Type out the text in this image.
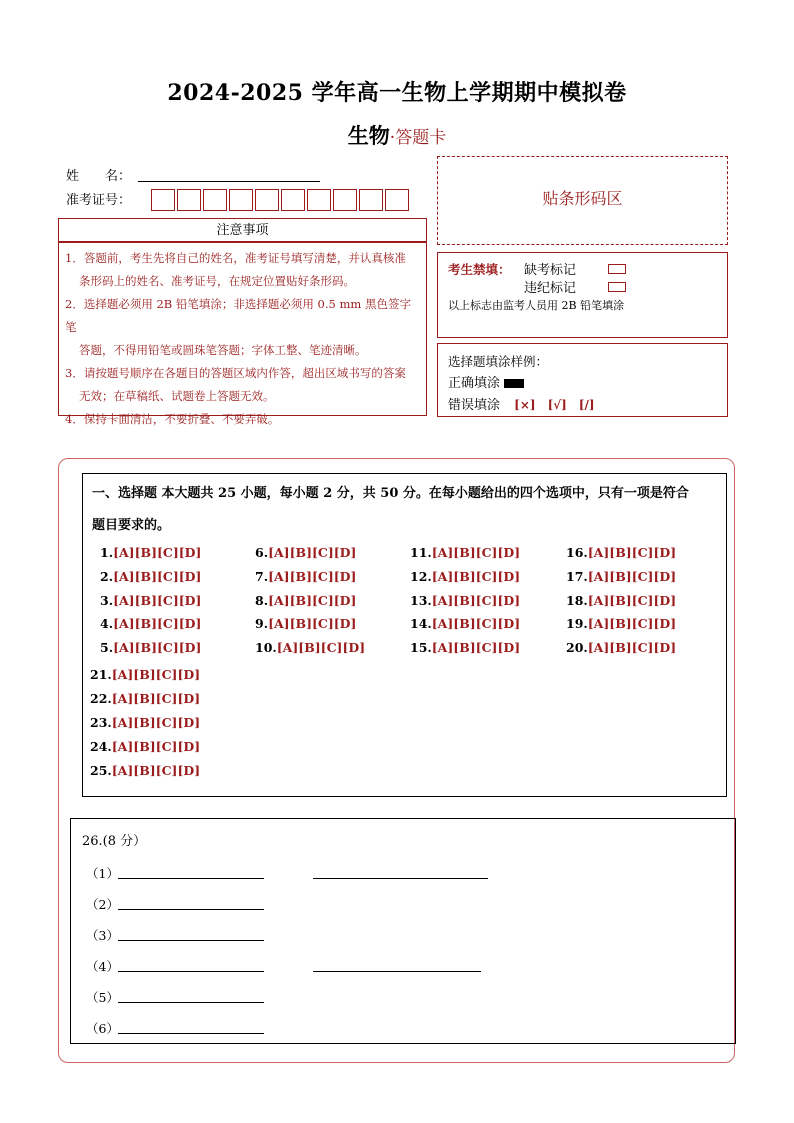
2024-2025 学年高一生物上学期期中模拟卷
生物·答题卡
姓　　名：
准考证号：
注意事项
1．答题前，考生先将自己的姓名，准考证号填写清楚，并认真核准
条形码上的姓名、准考证号，在规定位置贴好条形码。
2．选择题必须用 2B 铅笔填涂；非选择题必须用 0.5 mm 黑色签字笔
答题，不得用铅笔或圆珠笔答题；字体工整、笔迹清晰。
3．请按题号顺序在各题目的答题区域内作答，超出区域书写的答案
无效；在草稿纸、试题卷上答题无效。
4．保持卡面清洁，不要折叠、不要弄破。
贴条形码区
考生禁填： 缺考标记
违纪标记
以上标志由监考人员用 2B 铅笔填涂
选择题填涂样例：
正确填涂
错误填涂 [×]　[√]　[/]
一、选择题 本大题共 25 小题，每小题 2 分，共 50 分。在每小题给出的四个选项中，只有一项是符合
题目要求的。
1.[A][B][C][D]
2.[A][B][C][D]
3.[A][B][C][D]
4.[A][B][C][D]
5.[A][B][C][D]
6.[A][B][C][D]
7.[A][B][C][D]
8.[A][B][C][D]
9.[A][B][C][D]
10.[A][B][C][D]
11.[A][B][C][D]
12.[A][B][C][D]
13.[A][B][C][D]
14.[A][B][C][D]
15.[A][B][C][D]
16.[A][B][C][D]
17.[A][B][C][D]
18.[A][B][C][D]
19.[A][B][C][D]
20.[A][B][C][D]
21.[A][B][C][D]
22.[A][B][C][D]
23.[A][B][C][D]
24.[A][B][C][D]
25.[A][B][C][D]
26.(8 分）
（1）
（2）
（3）
（4）
（5）
（6）
